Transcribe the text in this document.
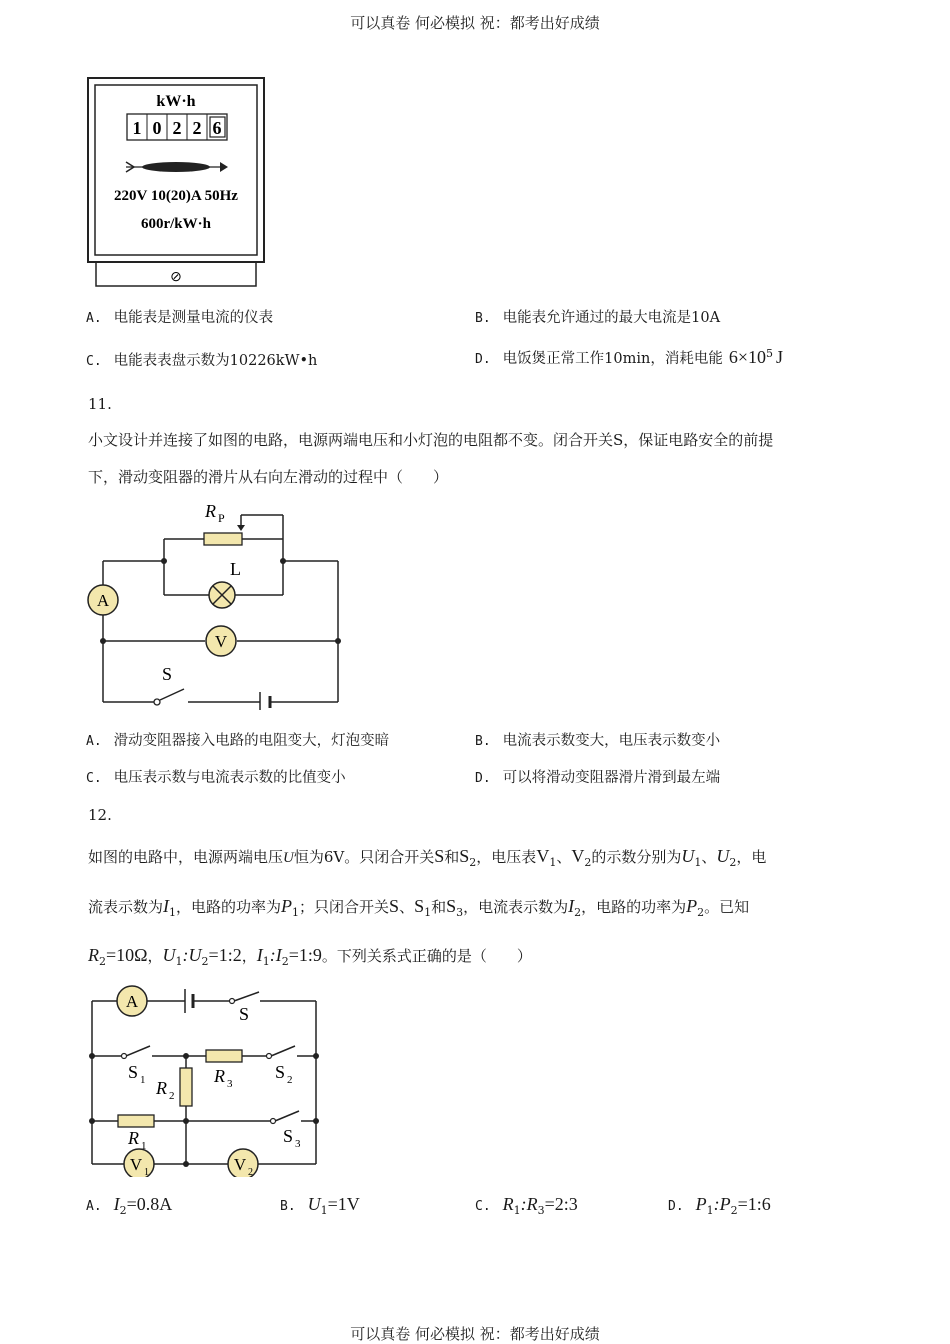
可以真卷 何必模拟 祝：都考出好成绩
kW·h
1 0 2 2 6
220V 10(20)A 50Hz
600r/kW·h
⊘
A. 电能表是测量电流的仪表	B. 电能表允许通过的最大电流是10A
C. 电能表表盘示数为10226kW•h	D. 电饭煲正常工作10min，消耗电能 $6\times 10^5$ J
11.
小文设计并连接了如图的电路，电源两端电压和小灯泡的电阻都不变。闭合开关S，保证电路安全的前提
下，滑动变阻器的滑片从右向左滑动的过程中（　　）
R P
L
A
V
S
A. 滑动变阻器接入电路的电阻变大，灯泡变暗	B. 电流表示数变大，电压表示数变小
C. 电压表示数与电流表示数的比值变小	D. 可以将滑动变阻器滑片滑到最左端
12.
如图的电路中，电源两端电压U恒为6V。只闭合开关S和$S_2$，电压表$V_1$、$V_2$的示数分别为$U_1$、$U_2$，电
流表示数为$I_1$，电路的功率为$P_1$；只闭合开关S、$S_1$和$S_3$，电流表示数为$I_2$，电路的功率为$P_2$。已知
$R_2=10\Omega$，$U_1:U_2=1:2$，$I_1:I_2=1:9$。下列关系式正确的是（　　）
A
S
S 1	R 3
S 2
R 2
R 1	S 3
V 1	V 2
A. $I_2=0.8A$	B. $U_1=1V$	C. $R_1:R_3=2:3$	D. $P_1:P_2=1:6$
可以真卷 何必模拟 祝：都考出好成绩
